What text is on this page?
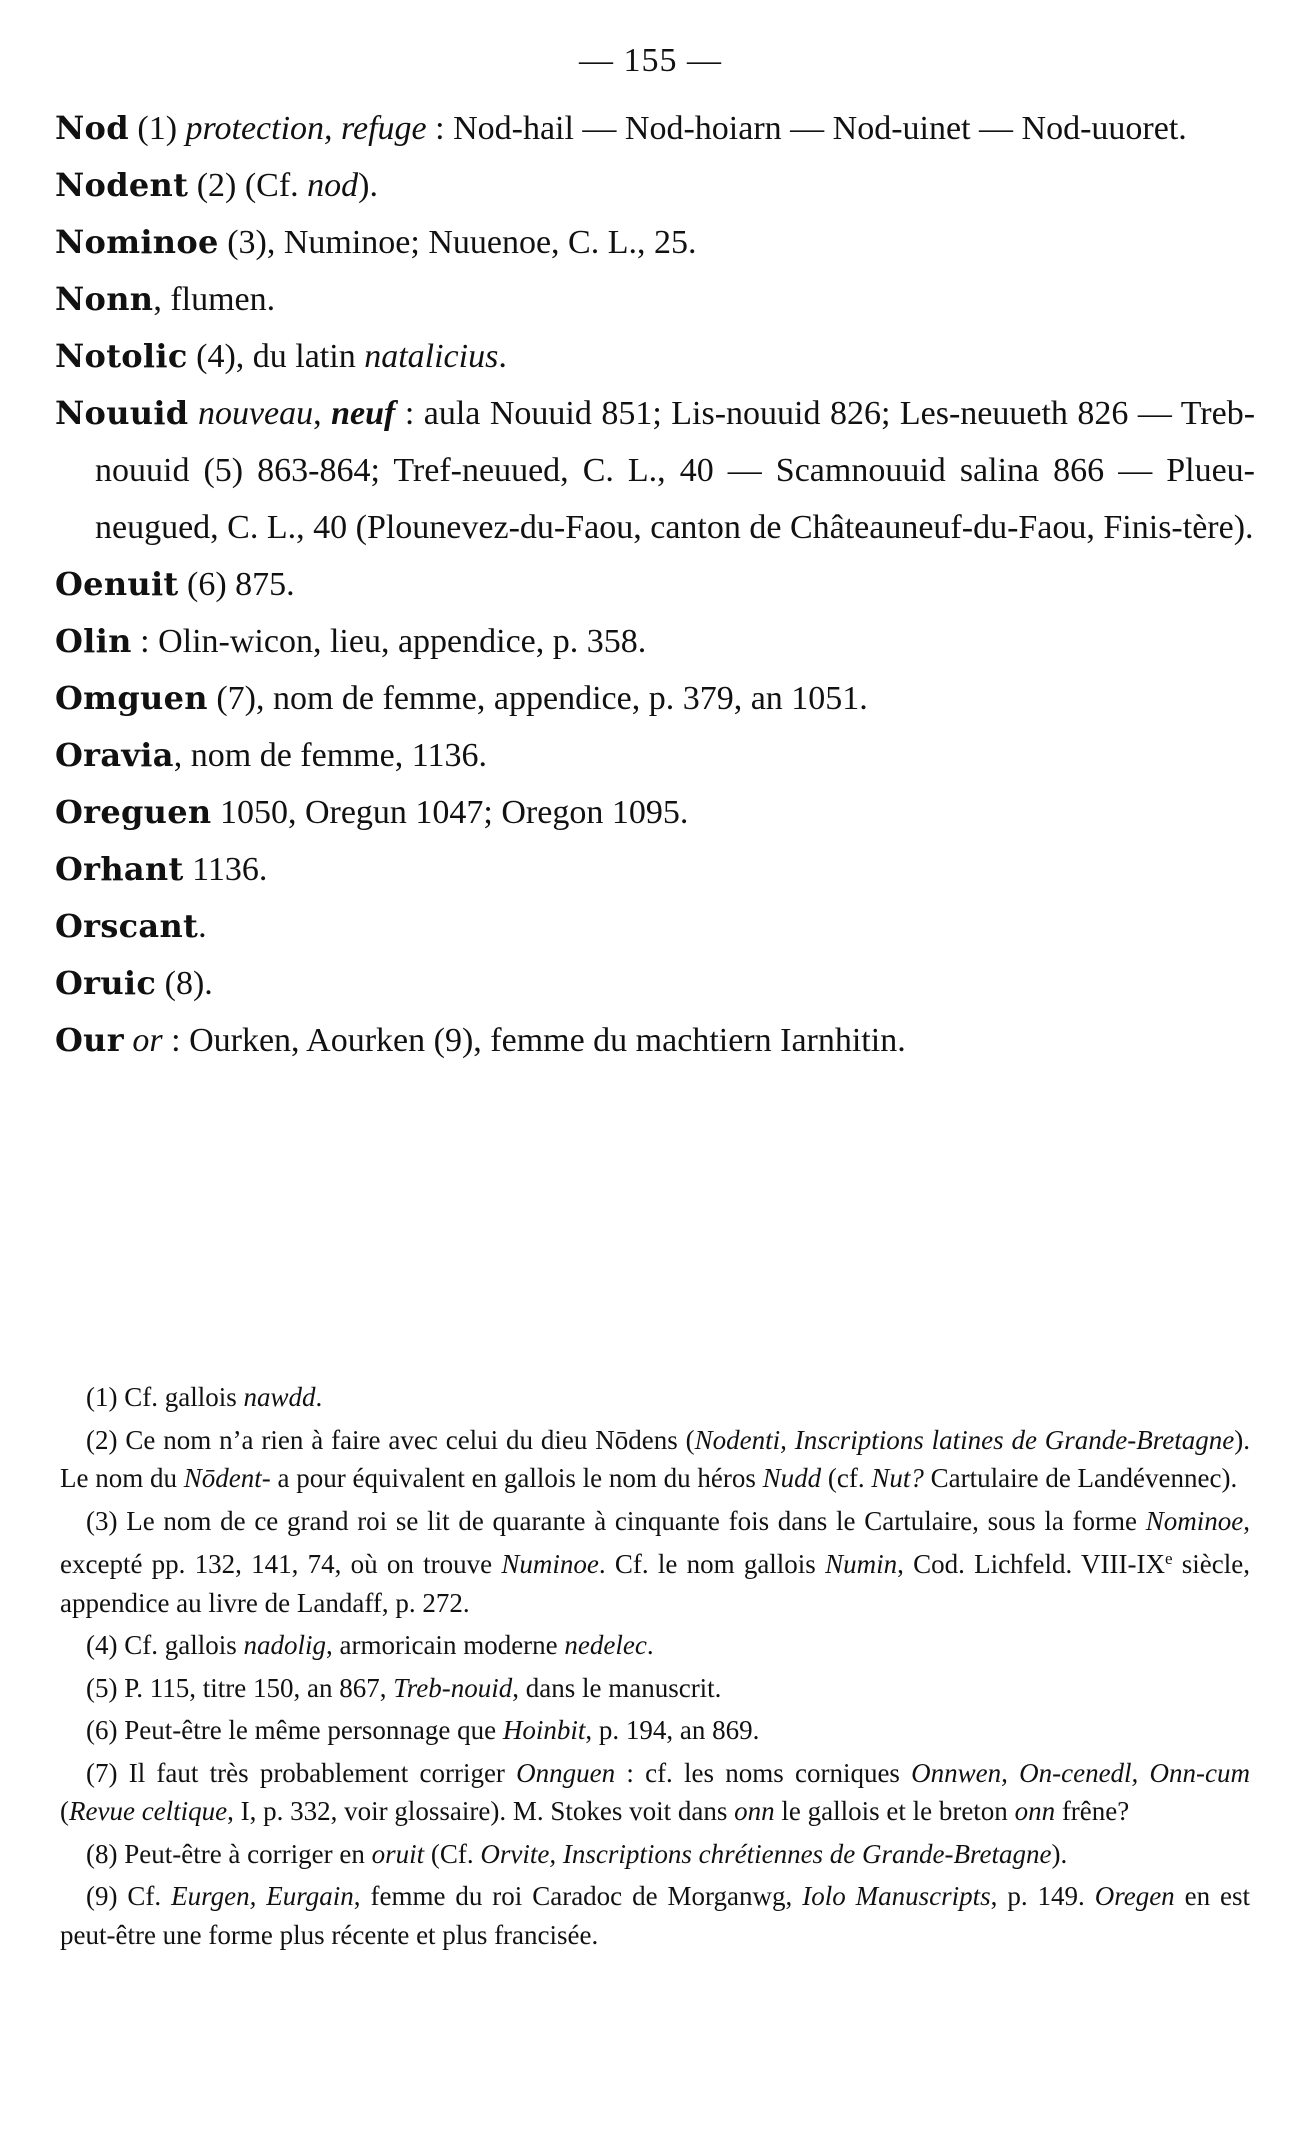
— 155 —
Nod (1) protection, refuge : Nod-hail — Nod-hoiarn — Nod-uinet — Nod-uuoret.
Nodent (2) (Cf. nod).
Nominoe (3), Numinoe; Nuuenoe, C. L., 25.
Nonn, flumen.
Notolic (4), du latin natalicius.
Nouuid nouveau, neuf : aula Nouuid 851; Lis-nouuid 826; Les-neuueth 826 — Treb-nouuid (5) 863-864; Tref-neuued, C. L., 40 — Scamnouuid salina 866 — Plueu-neugued, C. L., 40 (Plounevez-du-Faou, canton de Châteauneuf-du-Faou, Finis-tère).
Oenuit (6) 875.
Olin : Olin-wicon, lieu, appendice, p. 358.
Omguen (7), nom de femme, appendice, p. 379, an 1051.
Oravia, nom de femme, 1136.
Oreguen 1050, Oregun 1047; Oregon 1095.
Orhant 1136.
Orscant.
Oruic (8).
Our or : Ourken, Aourken (9), femme du machtiern Iarnhitin.
(1) Cf. gallois nawdd.
(2) Ce nom n’a rien à faire avec celui du dieu Nōdens (Nodenti, Inscriptions latines de Grande-Bretagne). Le nom du Nōdent- a pour équivalent en gallois le nom du héros Nudd (cf. Nut? Cartulaire de Landévennec).
(3) Le nom de ce grand roi se lit de quarante à cinquante fois dans le Cartulaire, sous la forme Nominoe, excepté pp. 132, 141, 74, où on trouve Numinoe. Cf. le nom gallois Numin, Cod. Lichfeld. VIII-IXe siècle, appendice au livre de Landaff, p. 272.
(4) Cf. gallois nadolig, armoricain moderne nedelec.
(5) P. 115, titre 150, an 867, Treb-nouid, dans le manuscrit.
(6) Peut-être le même personnage que Hoinbit, p. 194, an 869.
(7) Il faut très probablement corriger Onnguen : cf. les noms corniques Onnwen, On-cenedl, Onn-cum (Revue celtique, I, p. 332, voir glossaire). M. Stokes voit dans onn le gallois et le breton onn frêne?
(8) Peut-être à corriger en oruit (Cf. Orvite, Inscriptions chrétiennes de Grande-Bretagne).
(9) Cf. Eurgen, Eurgain, femme du roi Caradoc de Morganwg, Iolo Manuscripts, p. 149. Oregen en est peut-être une forme plus récente et plus francisée.
